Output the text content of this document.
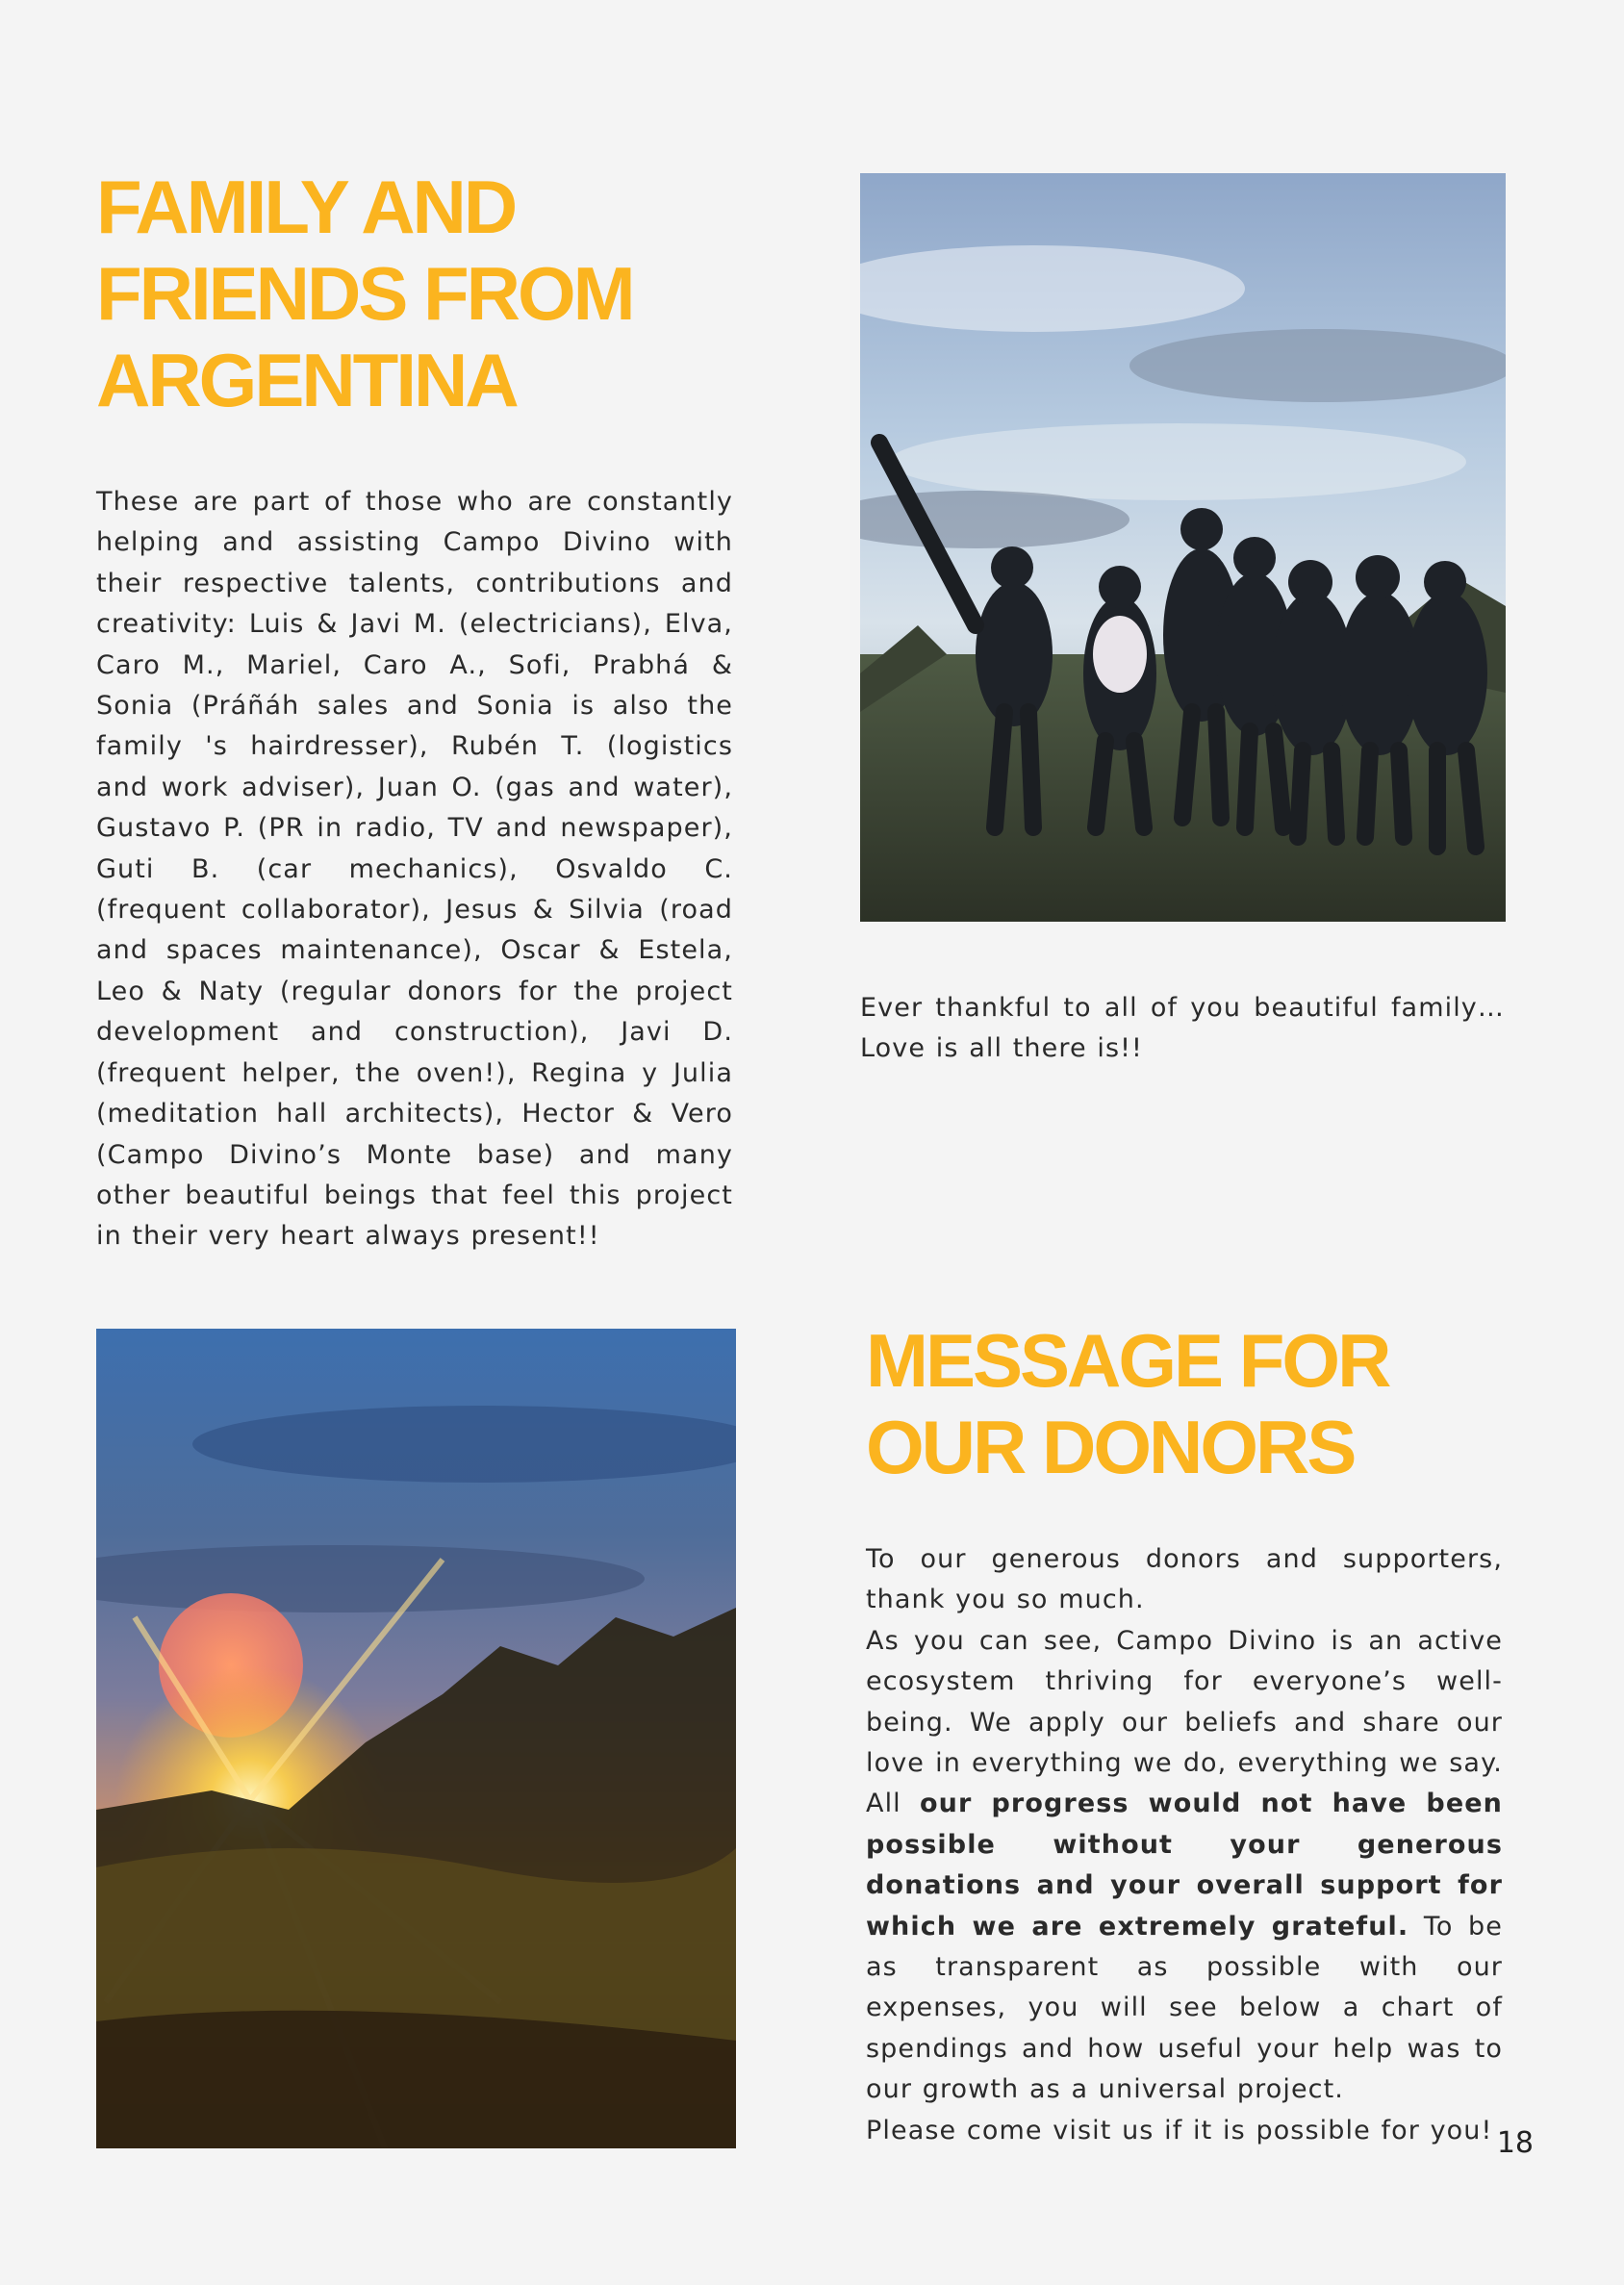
FAMILY AND
FRIENDS FROM
ARGENTINA

These are part of those who are constantly helping and assisting Campo Divino with their respective talents, contributions and creativity: Luis & Javi M. (electricians), Elva, Caro M., Mariel, Caro A., Sofi, Prabhá & Sonia (Práñáh sales and Sonia is also the family 's hairdresser), Rubén T. (logistics and work adviser), Juan O. (gas and water), Gustavo P. (PR in radio, TV and newspaper), Guti B. (car mechanics), Osvaldo C. (frequent collaborator), Jesus & Silvia (road and spaces maintenance), Oscar & Estela, Leo & Naty (regular donors for the project development and construction), Javi D. (frequent helper, the oven!), Regina y Julia (meditation hall architects), Hector & Vero (Campo Divino’s Monte base) and many other beautiful beings that feel this project in their very heart always present!!

Ever thankful to all of you beautiful family… Love is all there is!!

MESSAGE FOR
OUR DONORS

To our generous donors and supporters, thank you so much.
As you can see, Campo Divino is an active ecosystem thriving for everyone’s well-being. We apply our beliefs and share our love in everything we do, everything we say. All our progress would not have been possible without your generous donations and your overall support for which we are extremely grateful. To be as transparent as possible with our expenses, you will see below a chart of spendings and how useful your help was to our growth as a universal project.
Please come visit us if it is possible for you! 18
